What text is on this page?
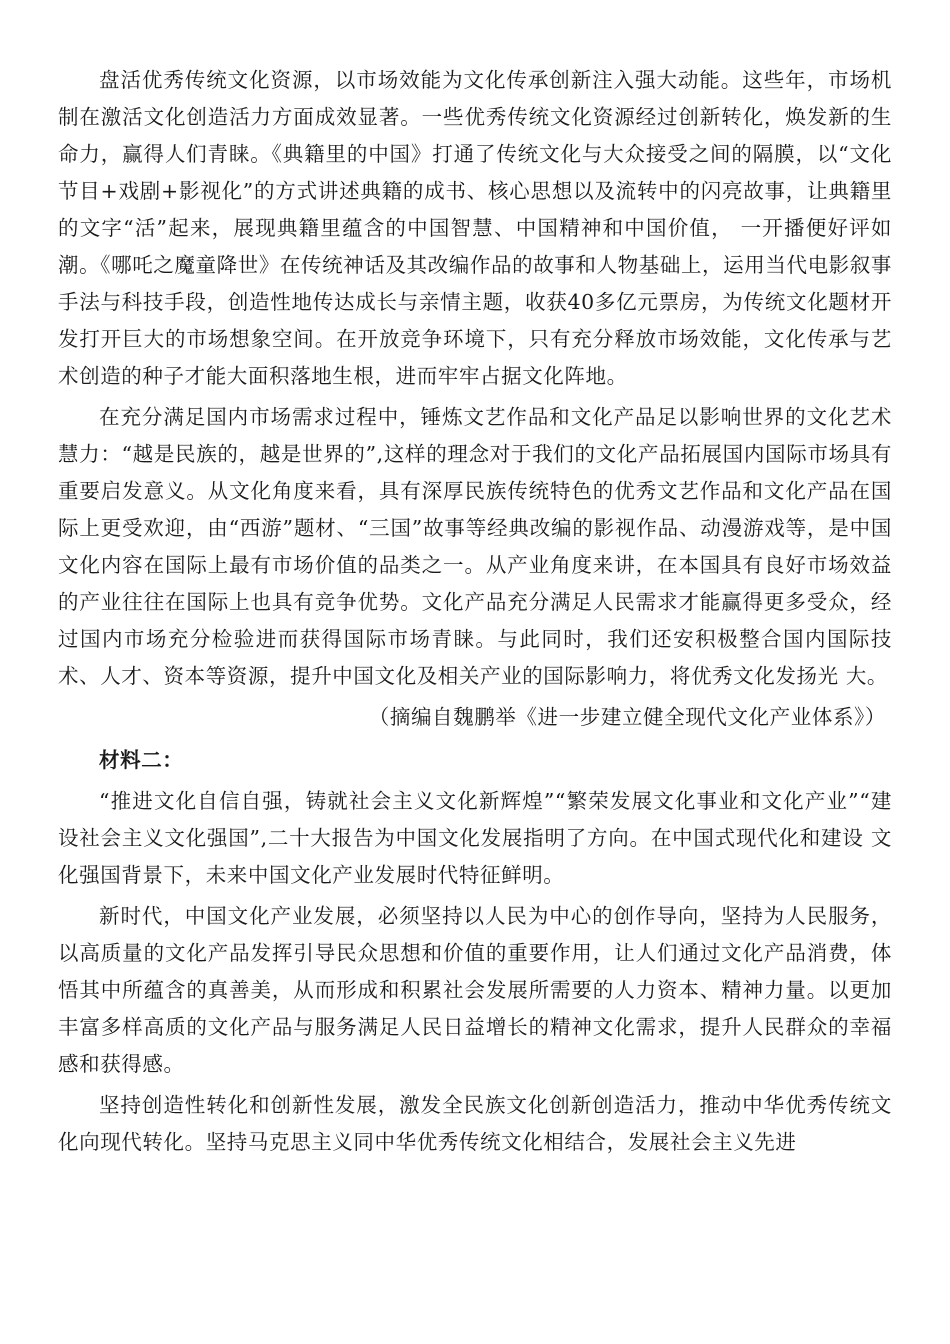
盘活优秀传统文化资源，以市场效能为文化传承创新注入强大动能。这些年，市场机制在激活文化创造活力方面成效显著。一些优秀传统文化资源经过创新转化，焕发新的生命力，赢得人们青睐。《典籍里的中国》打通了传统文化与大众接受之间的隔膜，以“文化节目+戏剧+影视化”的方式讲述典籍的成书、核心思想以及流转中的闪亮故事，让典籍里的文字“活”起来，展现典籍里蕴含的中国智慧、中国精神和中国价值， 一开播便好评如潮。《哪吒之魔童降世》在传统神话及其改编作品的故事和人物基础上，运用当代电影叙事手法与科技手段，创造性地传达成长与亲情主题，收获40多亿元票房，为传统文化题材开发打开巨大的市场想象空间。在开放竞争环境下，只有充分释放市场效能，文化传承与艺术创造的种子才能大面积落地生根，进而牢牢占据文化阵地。

在充分满足国内市场需求过程中，锤炼文艺作品和文化产品足以影响世界的文化艺术慧力：“越是民族的，越是世界的”,这样的理念对于我们的文化产品拓展国内国际市场具有重要启发意义。从文化角度来看，具有深厚民族传统特色的优秀文艺作品和文化产品在国际上更受欢迎，由“西游”题材、“三国”故事等经典改编的影视作品、动漫游戏等，是中国文化内容在国际上最有市场价值的品类之一。从产业角度来讲，在本国具有良好市场效益的产业往往在国际上也具有竞争优势。文化产品充分满足人民需求才能赢得更多受众，经过国内市场充分检验进而获得国际市场青睐。与此同时，我们还安积极整合国内国际技术、人才、资本等资源，提升中国文化及相关产业的国际影响力，将优秀文化发扬光 大。

（摘编自魏鹏举《进一步建立健全现代文化产业体系》）

材料二：

“推进文化自信自强，铸就社会主义文化新辉煌”“繁荣发展文化事业和文化产业”“建设社会主义文化强国”,二十大报告为中国文化发展指明了方向。在中国式现代化和建设 文化强国背景下，未来中国文化产业发展时代特征鲜明。

新时代，中国文化产业发展，必须坚持以人民为中心的创作导向，坚持为人民服务，以高质量的文化产品发挥引导民众思想和价值的重要作用，让人们通过文化产品消费，体悟其中所蕴含的真善美，从而形成和积累社会发展所需要的人力资本、精神力量。以更加丰富多样高质的文化产品与服务满足人民日益增长的精神文化需求，提升人民群众的幸福感和获得感。

坚持创造性转化和创新性发展，激发全民族文化创新创造活力，推动中华优秀传统文化向现代转化。坚持马克思主义同中华优秀传统文化相结合，发展社会主义先进
